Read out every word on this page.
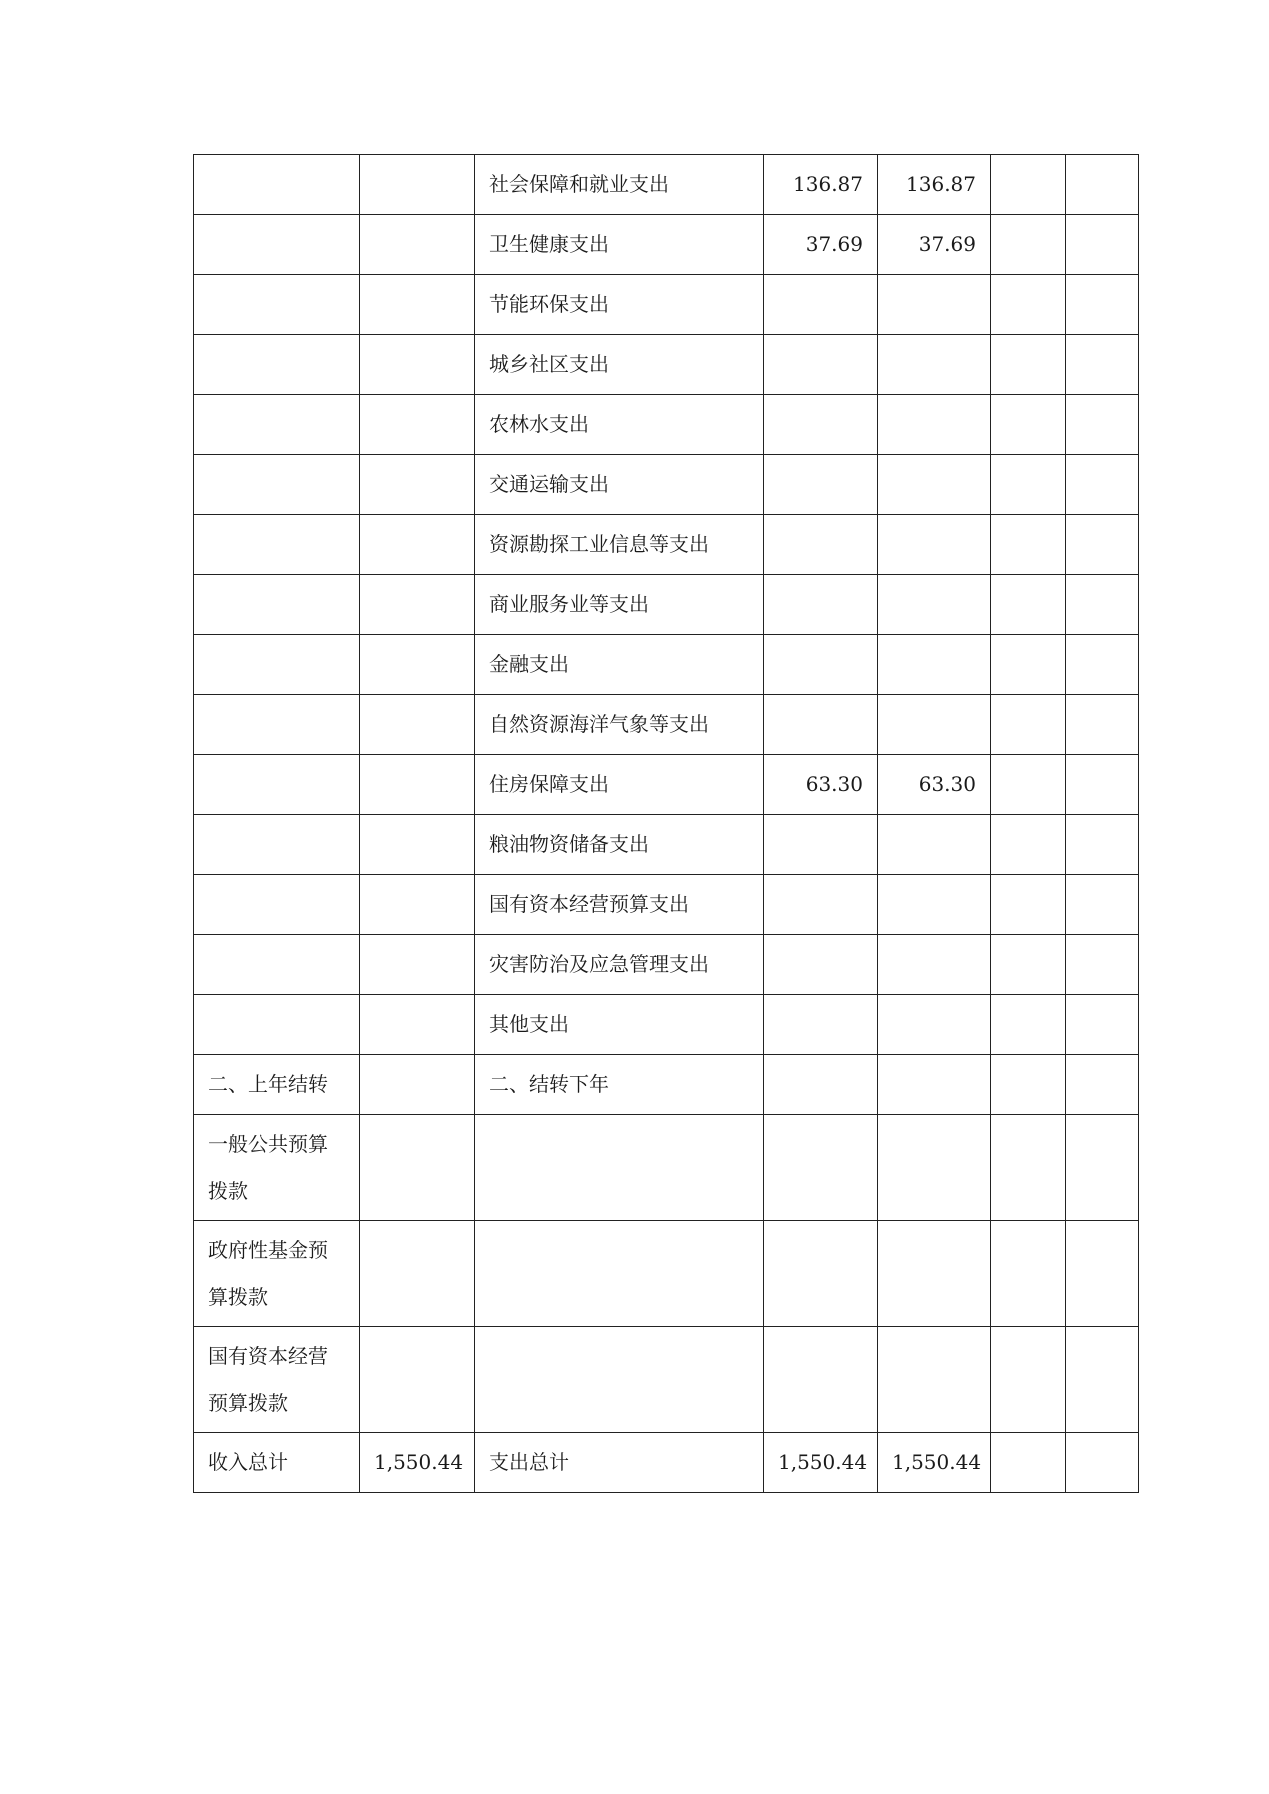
		社会保障和就业支出	136.87	136.87		
		卫生健康支出	37.69	37.69		
		节能环保支出				
		城乡社区支出				
		农林水支出				
		交通运输支出				
		资源勘探工业信息等支出				
		商业服务业等支出				
		金融支出				
		自然资源海洋气象等支出				
		住房保障支出	63.30	63.30		
		粮油物资储备支出				
		国有资本经营预算支出				
		灾害防治及应急管理支出				
		其他支出				
二、上年结转		二、结转下年				
一般公共预算拨款						
政府性基金预算拨款						
国有资本经营预算拨款						
收入总计	1,550.44	支出总计	1,550.44	1,550.44		
